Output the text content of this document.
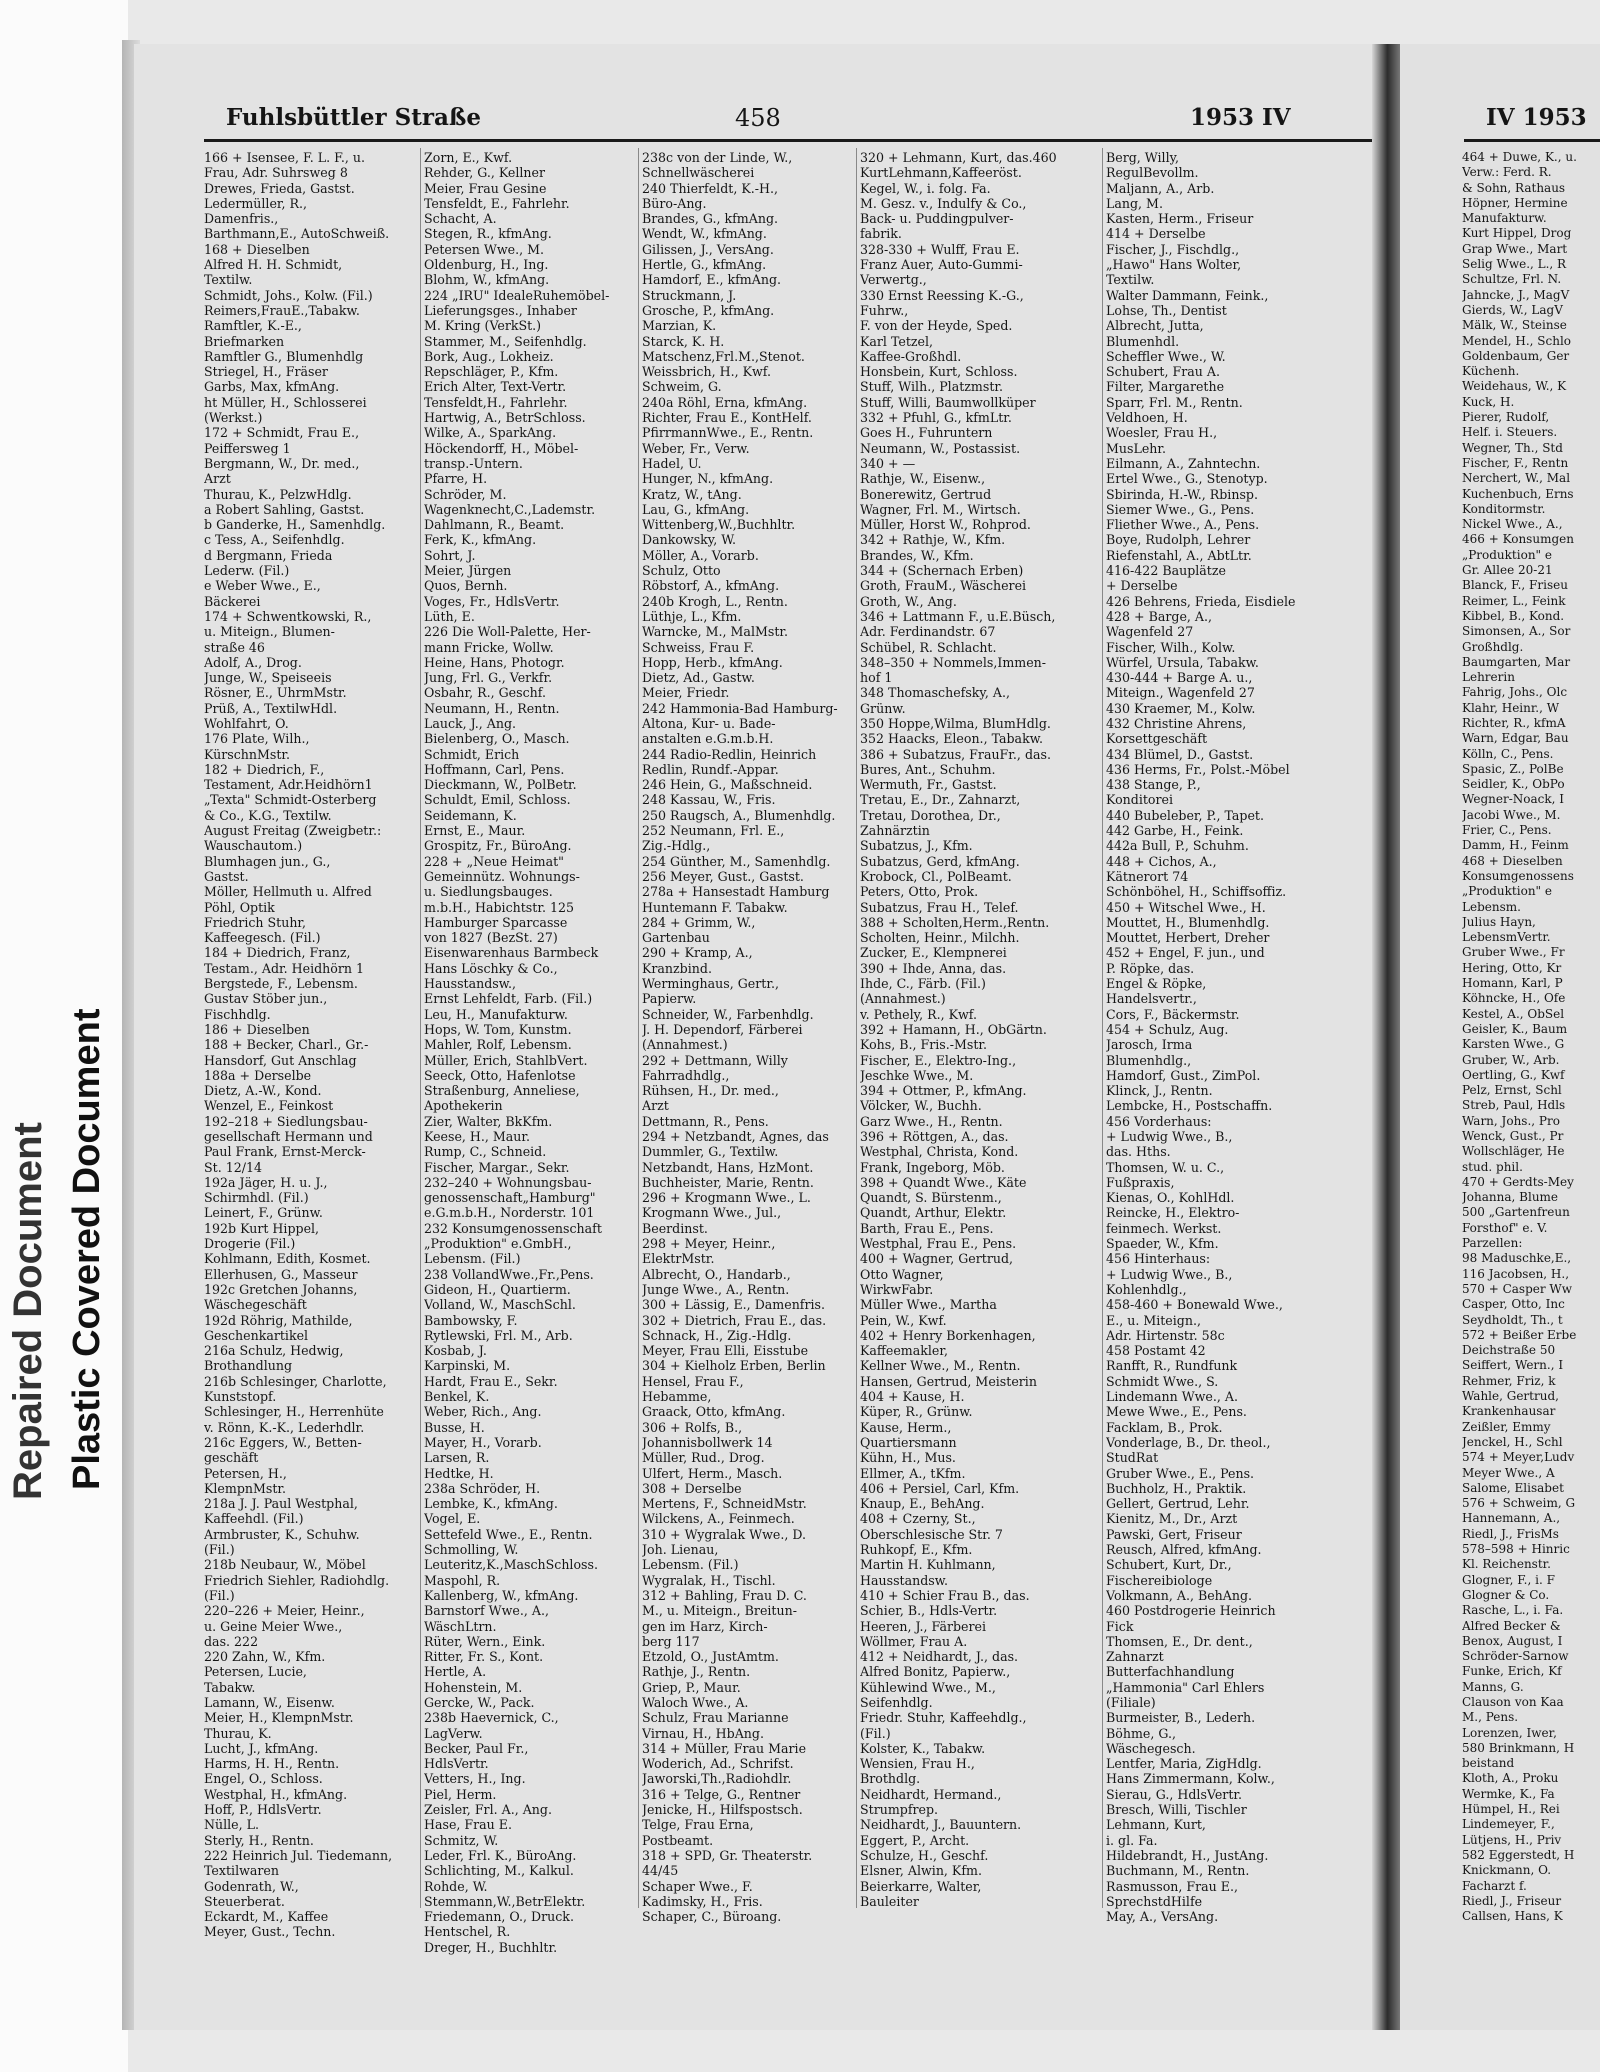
Repaired Document Plastic Covered Document
Fuhlsbüttler Straße	458	1953 IV	IV 1953
166 + Isensee, F. L. F., u.
Frau, Adr. Suhrsweg 8
Drewes, Frieda, Gastst.
Ledermüller, R.,
Damenfris.,
Barthmann,E., AutoSchweiß.
168 + Dieselben
Alfred H. H. Schmidt,
Textilw.
Schmidt, Johs., Kolw. (Fil.)
Reimers,FrauE.,Tabakw.
Ramftler, K.-E.,
Briefmarken
Ramftler G., Blumenhdlg
Striegel, H., Fräser
Garbs, Max, kfmAng.
ht Müller, H., Schlosserei
(Werkst.)
172 + Schmidt, Frau E.,
Peiffersweg 1
Bergmann, W., Dr. med.,
Arzt
Thurau, K., PelzwHdlg.
a Robert Sahling, Gastst.
b Ganderke, H., Samenhdlg.
c Tess, A., Seifenhdlg.
d Bergmann, Frieda
Lederw. (Fil.)
e Weber Wwe., E.,
Bäckerei
174 + Schwentkowski, R.,
u. Miteign., Blumen-
straße 46
Adolf, A., Drog.
Junge, W., Speiseeis
Rösner, E., UhrmMstr.
Prüß, A., TextilwHdl.
Wohlfahrt, O.
176 Plate, Wilh.,
KürschnMstr.
182 + Diedrich, F.,
Testament, Adr.Heidhörn1
„Texta" Schmidt-Osterberg
& Co., K.G., Textilw.
August Freitag (Zweigbetr.:
Wauschautom.)
Blumhagen jun., G.,
Gastst.
Möller, Hellmuth u. Alfred
Pöhl, Optik
Friedrich Stuhr,
Kaffeegesch. (Fil.)
184 + Diedrich, Franz,
Testam., Adr. Heidhörn 1
Bergstede, F., Lebensm.
Gustav Stöber jun.,
Fischhdlg.
186 + Dieselben
188 + Becker, Charl., Gr.-
Hansdorf, Gut Anschlag
188a + Derselbe
Dietz, A.-W., Kond.
Wenzel, E., Feinkost
192–218 + Siedlungsbau-
gesellschaft Hermann und
Paul Frank, Ernst-Merck-
St. 12/14
192a Jäger, H. u. J.,
Schirmhdl. (Fil.)
Leinert, F., Grünw.
192b Kurt Hippel,
Drogerie (Fil.)
Kohlmann, Edith, Kosmet.
Ellerhusen, G., Masseur
192c Gretchen Johanns,
Wäschegeschäft
192d Röhrig, Mathilde,
Geschenkartikel
216a Schulz, Hedwig,
Brothandlung
216b Schlesinger, Charlotte,
Kunststopf.
Schlesinger, H., Herrenhüte
v. Rönn, K.-K., Lederhdlr.
216c Eggers, W., Betten-
geschäft
Petersen, H.,
KlempnMstr.
218a J. J. Paul Westphal,
Kaffeehdl. (Fil.)
Armbruster, K., Schuhw.
(Fil.)
218b Neubaur, W., Möbel
Friedrich Siehler, Radiohdlg.
(Fil.)
220–226 + Meier, Heinr.,
u. Geine Meier Wwe.,
das. 222
220 Zahn, W., Kfm.
Petersen, Lucie,
Tabakw.
Lamann, W., Eisenw.
Meier, H., KlempnMstr.
Thurau, K.
Lucht, J., kfmAng.
Harms, H. H., Rentn.
Engel, O., Schloss.
Westphal, H., kfmAng.
Hoff, P., HdlsVertr.
Nülle, L.
Sterly, H., Rentn.
222 Heinrich Jul. Tiedemann,
Textilwaren
Godenrath, W.,
Steuerberat.
Eckardt, M., Kaffee
Meyer, Gust., Techn.
Zorn, E., Kwf.
Rehder, G., Kellner
Meier, Frau Gesine
Tensfeldt, E., Fahrlehr.
Schacht, A.
Stegen, R., kfmAng.
Petersen Wwe., M.
Oldenburg, H., Ing.
Blohm, W., kfmAng.
224 „IRU" IdealeRuhemöbel-
Lieferungsges., Inhaber
M. Kring (VerkSt.)
Stammer, M., Seifenhdlg.
Bork, Aug., Lokheiz.
Repschläger, P., Kfm.
Erich Alter, Text-Vertr.
Tensfeldt,H., Fahrlehr.
Hartwig, A., BetrSchloss.
Wilke, A., SparkAng.
Höckendorff, H., Möbel-
transp.-Untern.
Pfarre, H.
Schröder, M.
Wagenknecht,C.,Lademstr.
Dahlmann, R., Beamt.
Ferk, K., kfmAng.
Sohrt, J.
Meier, Jürgen
Quos, Bernh.
Voges, Fr., HdlsVertr.
Lüth, E.
226 Die Woll-Palette, Her-
mann Fricke, Wollw.
Heine, Hans, Photogr.
Jung, Frl. G., Verkfr.
Osbahr, R., Geschf.
Neumann, H., Rentn.
Lauck, J., Ang.
Bielenberg, O., Masch.
Schmidt, Erich
Hoffmann, Carl, Pens.
Dieckmann, W., PolBetr.
Schuldt, Emil, Schloss.
Seidemann, K.
Ernst, E., Maur.
Grospitz, Fr., BüroAng.
228 + „Neue Heimat"
Gemeinnütz. Wohnungs-
u. Siedlungsbauges.
m.b.H., Habichtstr. 125
Hamburger Sparcasse
von 1827 (BezSt. 27)
Eisenwarenhaus Barmbeck
Hans Löschky & Co.,
Hausstandsw.,
Ernst Lehfeldt, Farb. (Fil.)
Leu, H., Manufakturw.
Hops, W. Tom, Kunstm.
Mahler, Rolf, Lebensm.
Müller, Erich, StahlbVert.
Seeck, Otto, Hafenlotse
Straßenburg, Anneliese,
Apothekerin
Zier, Walter, BkKfm.
Keese, H., Maur.
Rump, C., Schneid.
Fischer, Margar., Sekr.
232–240 + Wohnungsbau-
genossenschaft„Hamburg"
e.G.m.b.H., Norderstr. 101
232 Konsumgenossenschaft
„Produktion" e.GmbH.,
Lebensm. (Fil.)
238 VollandWwe.,Fr.,Pens.
Gideon, H., Quartierm.
Volland, W., MaschSchl.
Bambowsky, F.
Rytlewski, Frl. M., Arb.
Kosbab, J.
Karpinski, M.
Hardt, Frau E., Sekr.
Benkel, K.
Weber, Rich., Ang.
Busse, H.
Mayer, H., Vorarb.
Larsen, R.
Hedtke, H.
238a Schröder, H.
Lembke, K., kfmAng.
Vogel, E.
Settefeld Wwe., E., Rentn.
Schmolling, W.
Leuteritz,K.,MaschSchloss.
Maspohl, R.
Kallenberg, W., kfmAng.
Barnstorf Wwe., A.,
WäschLtrn.
Rüter, Wern., Eink.
Ritter, Fr. S., Kont.
Hertle, A.
Hohenstein, M.
Gercke, W., Pack.
238b Haevernick, C.,
LagVerw.
Becker, Paul Fr.,
HdlsVertr.
Vetters, H., Ing.
Piel, Herm.
Zeisler, Frl. A., Ang.
Hase, Frau E.
Schmitz, W.
Leder, Frl. K., BüroAng.
Schlichting, M., Kalkul.
Rohde, W.
Stemmann,W.,BetrElektr.
Friedemann, O., Druck.
Hentschel, R.
Dreger, H., Buchhltr.
238c von der Linde, W.,
Schnellwäscherei
240 Thierfeldt, K.-H.,
Büro-Ang.
Brandes, G., kfmAng.
Wendt, W., kfmAng.
Gilissen, J., VersAng.
Hertle, G., kfmAng.
Hamdorf, E., kfmAng.
Struckmann, J.
Grosche, P., kfmAng.
Marzian, K.
Starck, K. H.
Matschenz,Frl.M.,Stenot.
Weissbrich, H., Kwf.
Schweim, G.
240a Röhl, Erna, kfmAng.
Richter, Frau E., KontHelf.
PfirrmannWwe., E., Rentn.
Weber, Fr., Verw.
Hadel, U.
Hunger, N., kfmAng.
Kratz, W., tAng.
Lau, G., kfmAng.
Wittenberg,W.,Buchhltr.
Dankowsky, W.
Möller, A., Vorarb.
Schulz, Otto
Röbstorf, A., kfmAng.
240b Krogh, L., Rentn.
Lüthje, L., Kfm.
Warncke, M., MalMstr.
Schweiss, Frau F.
Hopp, Herb., kfmAng.
Dietz, Ad., Gastw.
Meier, Friedr.
242 Hammonia-Bad Hamburg-
Altona, Kur- u. Bade-
anstalten e.G.m.b.H.
244 Radio-Redlin, Heinrich
Redlin, Rundf.-Appar.
246 Hein, G., Maßschneid.
248 Kassau, W., Fris.
250 Raugsch, A., Blumenhdlg.
252 Neumann, Frl. E.,
Zig.-Hdlg.,
254 Günther, M., Samenhdlg.
256 Meyer, Gust., Gastst.
278a + Hansestadt Hamburg
Huntemann F. Tabakw.
284 + Grimm, W.,
Gartenbau
290 + Kramp, A.,
Kranzbind.
Werminghaus, Gertr.,
Papierw.
Schneider, W., Farbenhdlg.
J. H. Dependorf, Färberei
(Annahmest.)
292 + Dettmann, Willy
Fahrradhdlg.,
Rühsen, H., Dr. med.,
Arzt
Dettmann, R., Pens.
294 + Netzbandt, Agnes, das
Dummler, G., Textilw.
Netzbandt, Hans, HzMont.
Buchheister, Marie, Rentn.
296 + Krogmann Wwe., L.
Krogmann Wwe., Jul.,
Beerdinst.
298 + Meyer, Heinr.,
ElektrMstr.
Albrecht, O., Handarb.,
Junge Wwe., A., Rentn.
300 + Lässig, E., Damenfris.
302 + Dietrich, Frau E., das.
Schnack, H., Zig.-Hdlg.
Meyer, Frau Elli, Eisstube
304 + Kielholz Erben, Berlin
Hensel, Frau F.,
Hebamme,
Graack, Otto, kfmAng.
306 + Rolfs, B.,
Johannisbollwerk 14
Müller, Rud., Drog.
Ulfert, Herm., Masch.
308 + Derselbe
Mertens, F., SchneidMstr.
Wilckens, A., Feinmech.
310 + Wygralak Wwe., D.
Joh. Lienau,
Lebensm. (Fil.)
Wygralak, H., Tischl.
312 + Bahling, Frau D. C.
M., u. Miteign., Breitun-
gen im Harz, Kirch-
berg 117
Etzold, O., JustAmtm.
Rathje, J., Rentn.
Griep, P., Maur.
Waloch Wwe., A.
Schulz, Frau Marianne
Virnau, H., HbAng.
314 + Müller, Frau Marie
Woderich, Ad., Schrifst.
Jaworski,Th.,Radiohdlr.
316 + Telge, G., Rentner
Jenicke, H., Hilfspostsch.
Telge, Frau Erna,
Postbeamt.
318 + SPD, Gr. Theaterstr.
44/45
Schaper Wwe., F.
Kadimsky, H., Fris.
Schaper, C., Büroang.
320 + Lehmann, Kurt, das.460
KurtLehmann,Kaffeeröst.
Kegel, W., i. folg. Fa.
M. Gesz. v., Indulfy & Co.,
Back- u. Puddingpulver-
fabrik.
328-330 + Wulff, Frau E.
Franz Auer, Auto-Gummi-
Verwertg.,
330 Ernst Reessing K.-G.,
Fuhrw.,
F. von der Heyde, Sped.
Karl Tetzel,
Kaffee-Großhdl.
Honsbein, Kurt, Schloss.
Stuff, Wilh., Platzmstr.
Stuff, Willi, Baumwollküper
332 + Pfuhl, G., kfmLtr.
Goes H., Fuhruntern
Neumann, W., Postassist.
340 + —
Rathje, W., Eisenw.,
Bonerewitz, Gertrud
Wagner, Frl. M., Wirtsch.
Müller, Horst W., Rohprod.
342 + Rathje, W., Kfm.
Brandes, W., Kfm.
344 + (Schernach Erben)
Groth, FrauM., Wäscherei
Groth, W., Ang.
346 + Lattmann F., u.E.Büsch,
Adr. Ferdinandstr. 67
Schübel, R. Schlacht.
348–350 + Nommels,Immen-
hof 1
348 Thomaschefsky, A.,
Grünw.
350 Hoppe,Wilma, BlumHdlg.
352 Haacks, Eleon., Tabakw.
386 + Subatzus, FrauFr., das.
Bures, Ant., Schuhm.
Wermuth, Fr., Gastst.
Tretau, E., Dr., Zahnarzt,
Tretau, Dorothea, Dr.,
Zahnärztin
Subatzus, J., Kfm.
Subatzus, Gerd, kfmAng.
Krobock, Cl., PolBeamt.
Peters, Otto, Prok.
Subatzus, Frau H., Telef.
388 + Scholten,Herm.,Rentn.
Scholten, Heinr., Milchh.
Zucker, E., Klempnerei
390 + Ihde, Anna, das.
Ihde, C., Färb. (Fil.)
(Annahmest.)
v. Pethely, R., Kwf.
392 + Hamann, H., ObGärtn.
Kohs, B., Fris.-Mstr.
Fischer, E., Elektro-Ing.,
Jeschke Wwe., M.
394 + Ottmer, P., kfmAng.
Völcker, W., Buchh.
Garz Wwe., H., Rentn.
396 + Röttgen, A., das.
Westphal, Christa, Kond.
Frank, Ingeborg, Möb.
398 + Quandt Wwe., Käte
Quandt, S. Bürstenm.,
Quandt, Arthur, Elektr.
Barth, Frau E., Pens.
Westphal, Frau E., Pens.
400 + Wagner, Gertrud,
Otto Wagner,
WirkwFabr.
Müller Wwe., Martha
Pein, W., Kwf.
402 + Henry Borkenhagen,
Kaffeemakler,
Kellner Wwe., M., Rentn.
Hansen, Gertrud, Meisterin
404 + Kause, H.
Küper, R., Grünw.
Kause, Herm.,
Quartiersmann
Kühn, H., Mus.
Ellmer, A., tKfm.
406 + Persiel, Carl, Kfm.
Knaup, E., BehAng.
408 + Czerny, St.,
Oberschlesische Str. 7
Ruhkopf, E., Kfm.
Martin H. Kuhlmann,
Hausstandsw.
410 + Schier Frau B., das.
Schier, B., Hdls-Vertr.
Heeren, J., Färberei
Wöllmer, Frau A.
412 + Neidhardt, J., das.
Alfred Bonitz, Papierw.,
Kühlewind Wwe., M.,
Seifenhdlg.
Friedr. Stuhr, Kaffeehdlg.,
(Fil.)
Kolster, K., Tabakw.
Wensien, Frau H.,
Brothdlg.
Neidhardt, Hermand.,
Strumpfrep.
Neidhardt, J., Bauuntern.
Eggert, P., Archt.
Schulze, H., Geschf.
Elsner, Alwin, Kfm.
Beierkarre, Walter,
Bauleiter
Berg, Willy,
RegulBevollm.
Maljann, A., Arb.
Lang, M.
Kasten, Herm., Friseur
414 + Derselbe
Fischer, J., Fischdlg.,
„Hawo" Hans Wolter,
Textilw.
Walter Dammann, Feink.,
Lohse, Th., Dentist
Albrecht, Jutta,
Blumenhdl.
Scheffler Wwe., W.
Schubert, Frau A.
Filter, Margarethe
Sparr, Frl. M., Rentn.
Veldhoen, H.
Woesler, Frau H.,
MusLehr.
Eilmann, A., Zahntechn.
Ertel Wwe., G., Stenotyp.
Sbirinda, H.-W., Rbinsp.
Siemer Wwe., G., Pens.
Fliether Wwe., A., Pens.
Boye, Rudolph, Lehrer
Riefenstahl, A., AbtLtr.
416-422 Bauplätze
+ Derselbe
426 Behrens, Frieda, Eisdiele
428 + Barge, A.,
Wagenfeld 27
Fischer, Wilh., Kolw.
Würfel, Ursula, Tabakw.
430-444 + Barge A. u.,
Miteign., Wagenfeld 27
430 Kraemer, M., Kolw.
432 Christine Ahrens,
Korsettgeschäft
434 Blümel, D., Gastst.
436 Herms, Fr., Polst.-Möbel
438 Stange, P.,
Konditorei
440 Bubeleber, P., Tapet.
442 Garbe, H., Feink.
442a Bull, P., Schuhm.
448 + Cichos, A.,
Kätnerort 74
Schönböhel, H., Schiffsoffiz.
450 + Witschel Wwe., H.
Mouttet, H., Blumenhdlg.
Mouttet, Herbert, Dreher
452 + Engel, F. jun., und
P. Röpke, das.
Engel & Röpke,
Handelsvertr.,
Cors, F., Bäckermstr.
454 + Schulz, Aug.
Jarosch, Irma
Blumenhdlg.,
Hamdorf, Gust., ZimPol.
Klinck, J., Rentn.
Lembcke, H., Postschaffn.
456 Vorderhaus:
+ Ludwig Wwe., B.,
das. Hths.
Thomsen, W. u. C.,
Fußpraxis,
Kienas, O., KohlHdl.
Reincke, H., Elektro-
feinmech. Werkst.
Spaeder, W., Kfm.
456 Hinterhaus:
+ Ludwig Wwe., B.,
Kohlenhdlg.,
458-460 + Bonewald Wwe.,
E., u. Miteign.,
Adr. Hirtenstr. 58c
458 Postamt 42
Ranfft, R., Rundfunk
Schmidt Wwe., S.
Lindemann Wwe., A.
Mewe Wwe., E., Pens.
Facklam, B., Prok.
Vonderlage, B., Dr. theol.,
StudRat
Gruber Wwe., E., Pens.
Buchholz, H., Praktik.
Gellert, Gertrud, Lehr.
Kienitz, M., Dr., Arzt
Pawski, Gert, Friseur
Reusch, Alfred, kfmAng.
Schubert, Kurt, Dr.,
Fischereibiologe
Volkmann, A., BehAng.
460 Postdrogerie Heinrich
Fick
Thomsen, E., Dr. dent.,
Zahnarzt
Butterfachhandlung
„Hammonia" Carl Ehlers
(Filiale)
Burmeister, B., Lederh.
Böhme, G.,
Wäschegesch.
Lentfer, Maria, ZigHdlg.
Hans Zimmermann, Kolw.,
Sierau, G., HdlsVertr.
Bresch, Willi, Tischler
Lehmann, Kurt,
i. gl. Fa.
Hildebrandt, H., JustAng.
Buchmann, M., Rentn.
Rasmusson, Frau E.,
SprechstdHilfe
May, A., VersAng.
464 + Duwe, K., u.
Verw.: Ferd. R.
& Sohn, Rathaus
Höpner, Hermine
Manufakturw.
Kurt Hippel, Drog
Grap Wwe., Mart
Selig Wwe., L., R
Schultze, Frl. N.
Jahncke, J., MagV
Gierds, W., LagV
Mälk, W., Steinse
Mendel, H., Schlo
Goldenbaum, Ger
Küchenh.
Weidehaus, W., K
Kuck, H.
Pierer, Rudolf,
Helf. i. Steuers.
Wegner, Th., Std
Fischer, F., Rentn
Nerchert, W., Mal
Kuchenbuch, Erns
Konditormstr.
Nickel Wwe., A.,
466 + Konsumgen
„Produktion" e
Gr. Allee 20-21
Blanck, F., Friseu
Reimer, L., Feink
Kibbel, B., Kond.
Simonsen, A., Sor
Großhdlg.
Baumgarten, Mar
Lehrerin
Fahrig, Johs., Olc
Klahr, Heinr., W
Richter, R., kfmA
Warn, Edgar, Bau
Kölln, C., Pens.
Spasic, Z., PolBe
Seidler, K., ObPo
Wegner-Noack, I
Jacobi Wwe., M.
Frier, C., Pens.
Damm, H., Feinm
468 + Dieselben
Konsumgenossens
„Produktion" e
Lebensm.
Julius Hayn,
LebensmVertr.
Gruber Wwe., Fr
Hering, Otto, Kr
Homann, Karl, P
Köhncke, H., Ofe
Kestel, A., ObSel
Geisler, K., Baum
Karsten Wwe., G
Gruber, W., Arb.
Oertling, G., Kwf
Pelz, Ernst, Schl
Streb, Paul, Hdls
Warn, Johs., Pro
Wenck, Gust., Pr
Wollschläger, He
stud. phil.
470 + Gerdts-Mey
Johanna, Blume
500 „Gartenfreun
Forsthof" e. V.
Parzellen:
98 Maduschke,E.,
116 Jacobsen, H.,
570 + Casper Ww
Casper, Otto, Inc
Seydholdt, Th., t
572 + Beißer Erbe
Deichstraße 50
Seiffert, Wern., I
Rehmer, Friz, k
Wahle, Gertrud,
Krankenhausar
Zeißler, Emmy
Jenckel, H., Schl
574 + Meyer,Ludv
Meyer Wwe., A
Salome, Elisabet
576 + Schweim, G
Hannemann, A.,
Riedl, J., FrisMs
578–598 + Hinric
Kl. Reichenstr.
Glogner, F., i. F
Glogner & Co.
Rasche, L., i. Fa.
Alfred Becker &
Benox, August, I
Schröder-Sarnow
Funke, Erich, Kf
Manns, G.
Clauson von Kaa
M., Pens.
Lorenzen, Iwer,
580 Brinkmann, H
beistand
Kloth, A., Proku
Wermke, K., Fa
Hümpel, H., Rei
Lindemeyer, F.,
Lütjens, H., Priv
582 Eggerstedt, H
Knickmann, O.
Facharzt f.
Riedl, J., Friseur
Callsen, Hans, K
